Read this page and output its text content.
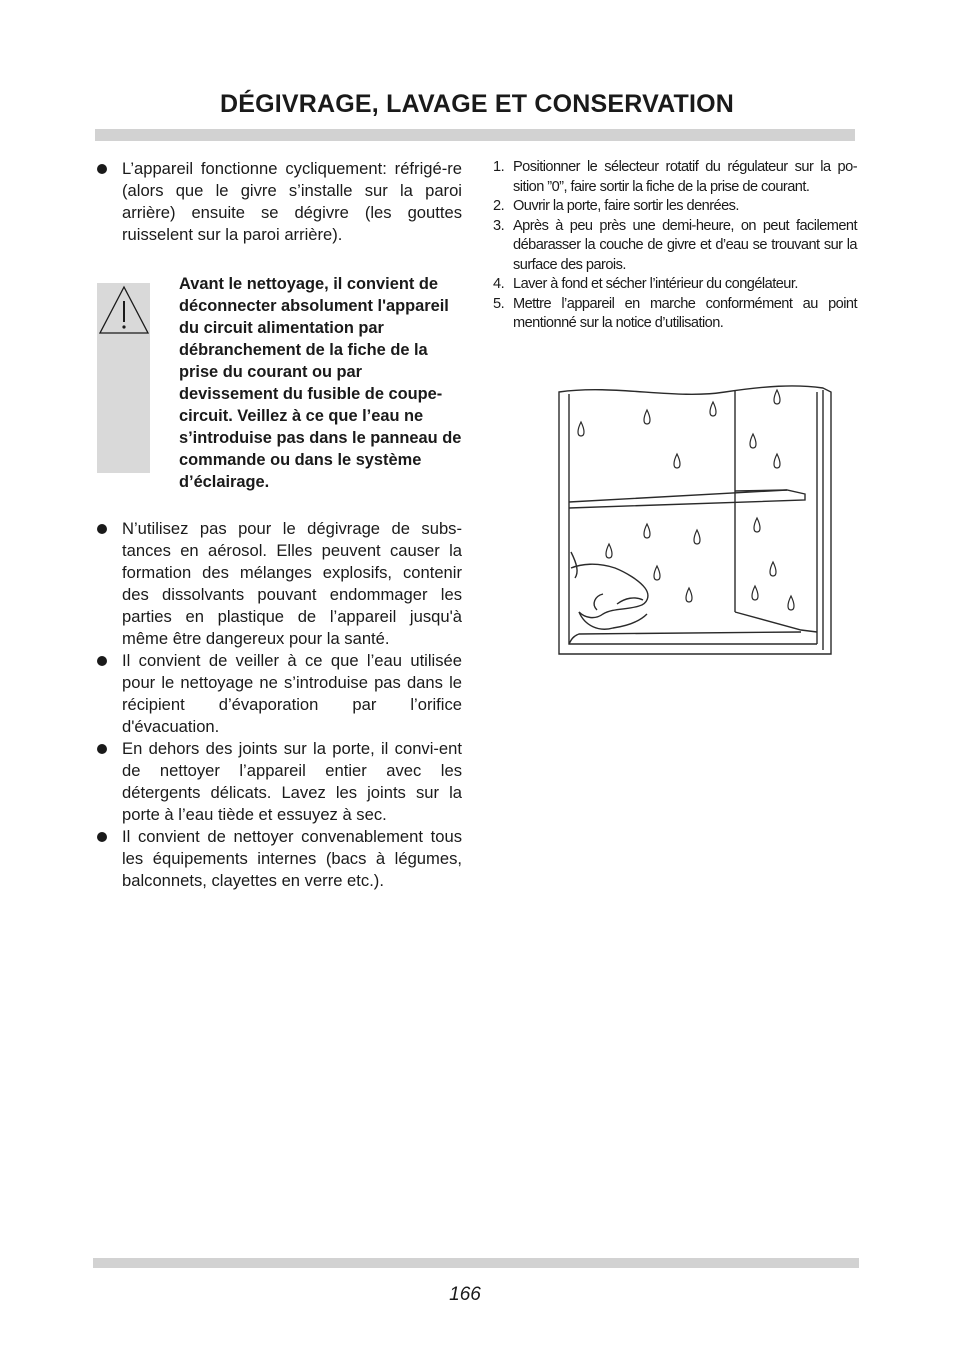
DÉGIVRAGE, LAVAGE ET CONSERVATION
L’appareil fonctionne cycliquement: réfrigé-re (alors que le givre s’installe sur la paroi arrière) ensuite se dégivre (les gouttes ruisselent sur la paroi arrière).
Avant le nettoyage, il convient de déconnecter absolument l'appareil du circuit alimentation par débranchement de la fiche de la prise du courant ou par devissement du fusible de coupe-circuit. Veillez à ce que l’eau ne s’introduise pas dans le panneau de commande ou dans le système d’éclairage.
N’utilisez pas pour le dégivrage de subs-tances en aérosol. Elles peuvent causer la formation des mélanges explosifs, contenir des dissolvants pouvant endommager les parties en plastique de l’appareil jusqu'à même être dangereux pour la santé.
Il convient de veiller à ce que l’eau utilisée pour le nettoyage ne s’introduise pas dans le récipient d’évaporation par l’orifice d'évacuation.
En dehors des joints sur la porte, il convi-ent de nettoyer l’appareil entier avec les détergents délicats. Lavez les joints sur la porte à l’eau tiède et essuyez à sec.
Il convient de nettoyer convenablement tous les équipements internes (bacs à légumes, balconnets, clayettes en verre etc.).
1. Positionner le sélecteur rotatif du régulateur sur la po-sition ”0”, faire sortir la fiche de la prise de courant.
2. Ouvrir la porte, faire sortir les denrées.
3. Après à peu près une demi-heure, on peut facilement débarasser la couche de givre et d’eau se trouvant sur la surface des parois.
4. Laver à fond et sécher l’intérieur du congélateur.
5. Mettre l’appareil en marche conformément au point mentionné sur la notice d’utilisation.
166
